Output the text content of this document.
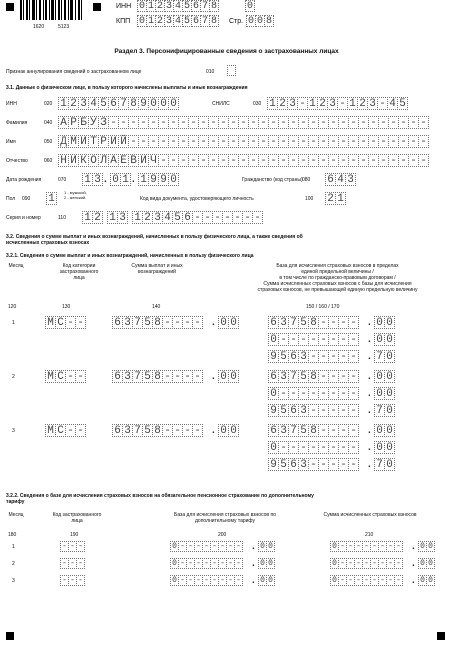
1620	5123
ИНН 0 1 2 3 4 5 6 7 8	0
КПП 0 1 2 3 4 5 6 7 8 Стр. 0 0 8
Раздел 3. Персонифицированные сведения о застрахованных лицах
Признак аннулирования сведений о застрахованном лице	010
3.1. Данные о физическом лице, в пользу которого начислены выплаты и иные вознаграждения
ИНН	020 1 2 3 4 5 6 7 8 9 0 0 0	СНИЛС	030 1 2 3 - 1 2 3 - 1 2 3 - 4 5
Фамилия	040 А Р Б У З - - - - - - - - - - - - - - - - - - - - - - - - - - - - - - - -
Имя	050 Д М И Т Р И Й - - - - - - - - - - - - - - - - - - - - - - - - - - - - - -
Отчество	060 Н И К О Л А Е В И Ч - - - - - - - - - - - - - - - - - - - - - - - - - - -
Дата рождения	070 1 3 . 0 1 . 1 9 9 0	Гражданство (код страны) 080 6 4 3
Пол 090 1	1 - мужской,
2 - женский.	Код вида документа, удостоверяющего личность	100 2 1
Серия и номер	110 1 2 1 3 1 2 3 4 5 6 - - - - - - -
3.2. Сведения о сумме выплат и иных вознаграждений, начисленных в пользу физического лица, а также сведения об
исчисленных страховых взносах
3.2.1. Сведения о сумме выплат и иных вознаграждений, начисленных в пользу физического лица
Месяц	Код категории
застрахованного
лица
Сумма выплат и иных
вознаграждений
База для исчисления страховых взносов в пределах
единой предельной величины /
в том числе по гражданско-правовым договорам /
Сумма исчисленных страховых взносов с базы для исчисления
страховых взносов, не превышающей единую предельную величину
120	130	140	150 / 160 / 170
1	М С - -	6 3 7 5 8 - - - - . 0 0	6 3 7 5 8 - - - - . 0 0
0 - - - - - - - - . 0 0
9 5 6 3 - - - - - . 7 0
2	М С - -	6 3 7 5 8 - - - - . 0 0	6 3 7 5 8 - - - - . 0 0
0 - - - - - - - - . 0 0
9 5 6 3 - - - - - . 7 0
3	М С - -	6 3 7 5 8 - - - - . 0 0	6 3 7 5 8 - - - - . 0 0
0 - - - - - - - - . 0 0
9 5 6 3 - - - - - . 7 0
3.2.2. Сведения о базе для исчисления страховых взносов на обязательное пенсионное страхование по дополнительному
тарифу
Месяц	Код застрахованного
лица
База для исчисления страховых взносов по
дополнительному тарифу
Сумма исчисленных страховых взносов
180	190	200	210
1	- - -	0 - - - - - - - - . 0 0	0 - - - - - - - - . 0 0
2	- - -	0 - - - - - - - - . 0 0	0 - - - - - - - - . 0 0
3	- - -	0 - - - - - - - - . 0 0	0 - - - - - - - - . 0 0
